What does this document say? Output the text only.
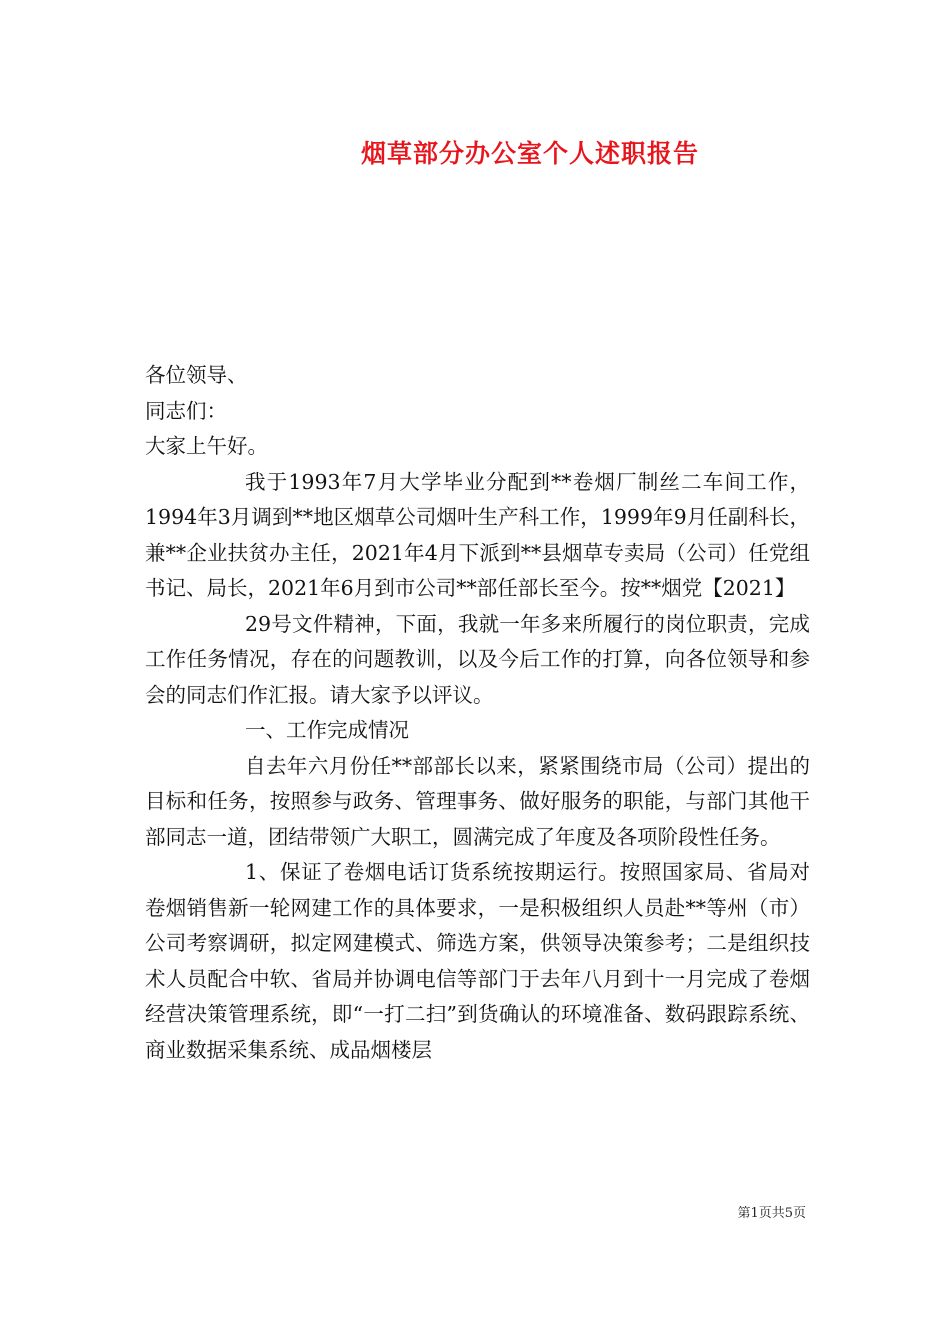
烟草部分办公室个人述职报告

各位领导、

同志们：

大家上午好。

我于1993年7月大学毕业分配到**卷烟厂制丝二车间工作，1994年3月调到**地区烟草公司烟叶生产科工作，1999年9月任副科长，兼**企业扶贫办主任，2021年4月下派到**县烟草专卖局（公司）任党组书记、局长，2021年6月到市公司**部任部长至今。按**烟党【2021】

29号文件精神，下面，我就一年多来所履行的岗位职责，完成工作任务情况，存在的问题教训，以及今后工作的打算，向各位领导和参会的同志们作汇报。请大家予以评议。

一、工作完成情况

自去年六月份任**部部长以来，紧紧围绕市局（公司）提出的目标和任务，按照参与政务、管理事务、做好服务的职能，与部门其他干部同志一道，团结带领广大职工，圆满完成了年度及各项阶段性任务。

1、保证了卷烟电话订货系统按期运行。按照国家局、省局对卷烟销售新一轮网建工作的具体要求，一是积极组织人员赴**等州（市）公司考察调研，拟定网建模式、筛选方案，供领导决策参考；二是组织技术人员配合中软、省局并协调电信等部门于去年八月到十一月完成了卷烟经营决策管理系统，即“一打二扫”到货确认的环境准备、数码跟踪系统、商业数据采集系统、成品烟楼层

第1页共5页
